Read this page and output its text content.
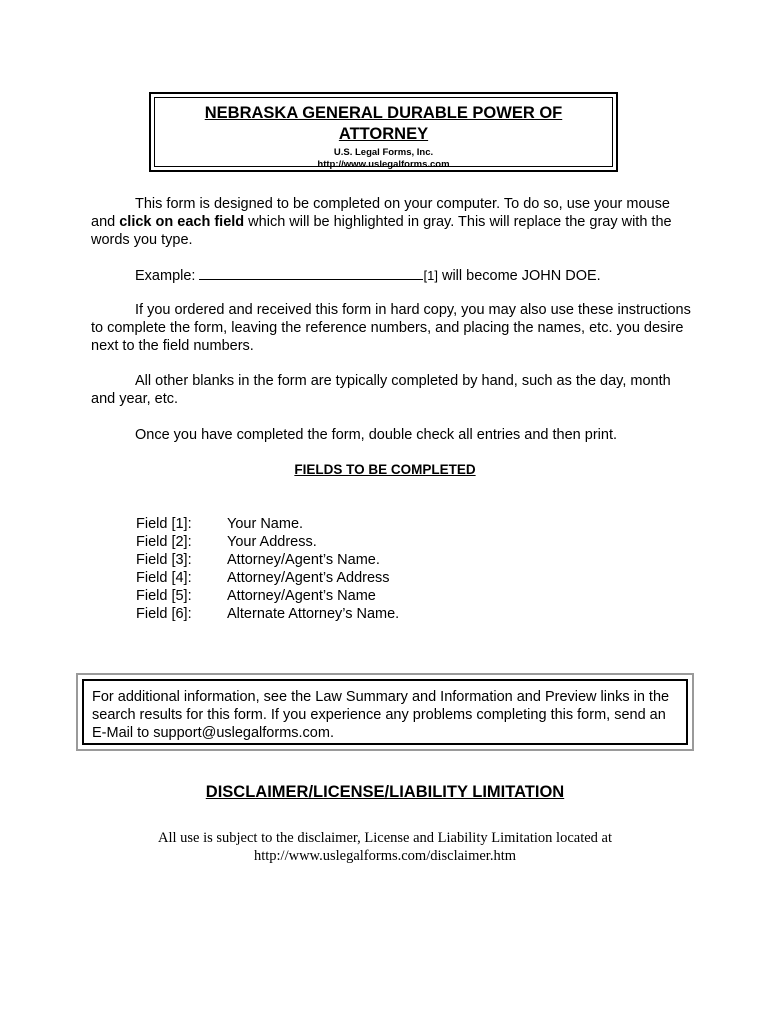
NEBRASKA GENERAL DURABLE POWER OF ATTORNEY
U.S. Legal Forms, Inc.
http://www.uslegalforms.com
This form is designed to be completed on your computer. To do so, use your mouse and click on each field which will be highlighted in gray. This will replace the gray with the words you type.
Example:	[1] will become JOHN DOE.
If you ordered and received this form in hard copy, you may also use these instructions to complete the form, leaving the reference numbers, and placing the names, etc. you desire next to the field numbers.
All other blanks in the form are typically completed by hand, such as the day, month and year, etc.
Once you have completed the form, double check all entries and then print.
FIELDS TO BE COMPLETED
Field [1]:	Your Name.
Field [2]:	Your Address.
Field [3]:	Attorney/Agent’s Name.
Field [4]:	Attorney/Agent’s Address
Field [5]:	Attorney/Agent’s Name
Field [6]:	Alternate Attorney’s Name.
For additional information, see the Law Summary and Information and Preview links in the search results for this form. If you experience any problems completing this form, send an E-Mail to support@uslegalforms.com.
DISCLAIMER/LICENSE/LIABILITY LIMITATION
All use is subject to the disclaimer, License and Liability Limitation located at
http://www.uslegalforms.com/disclaimer.htm
